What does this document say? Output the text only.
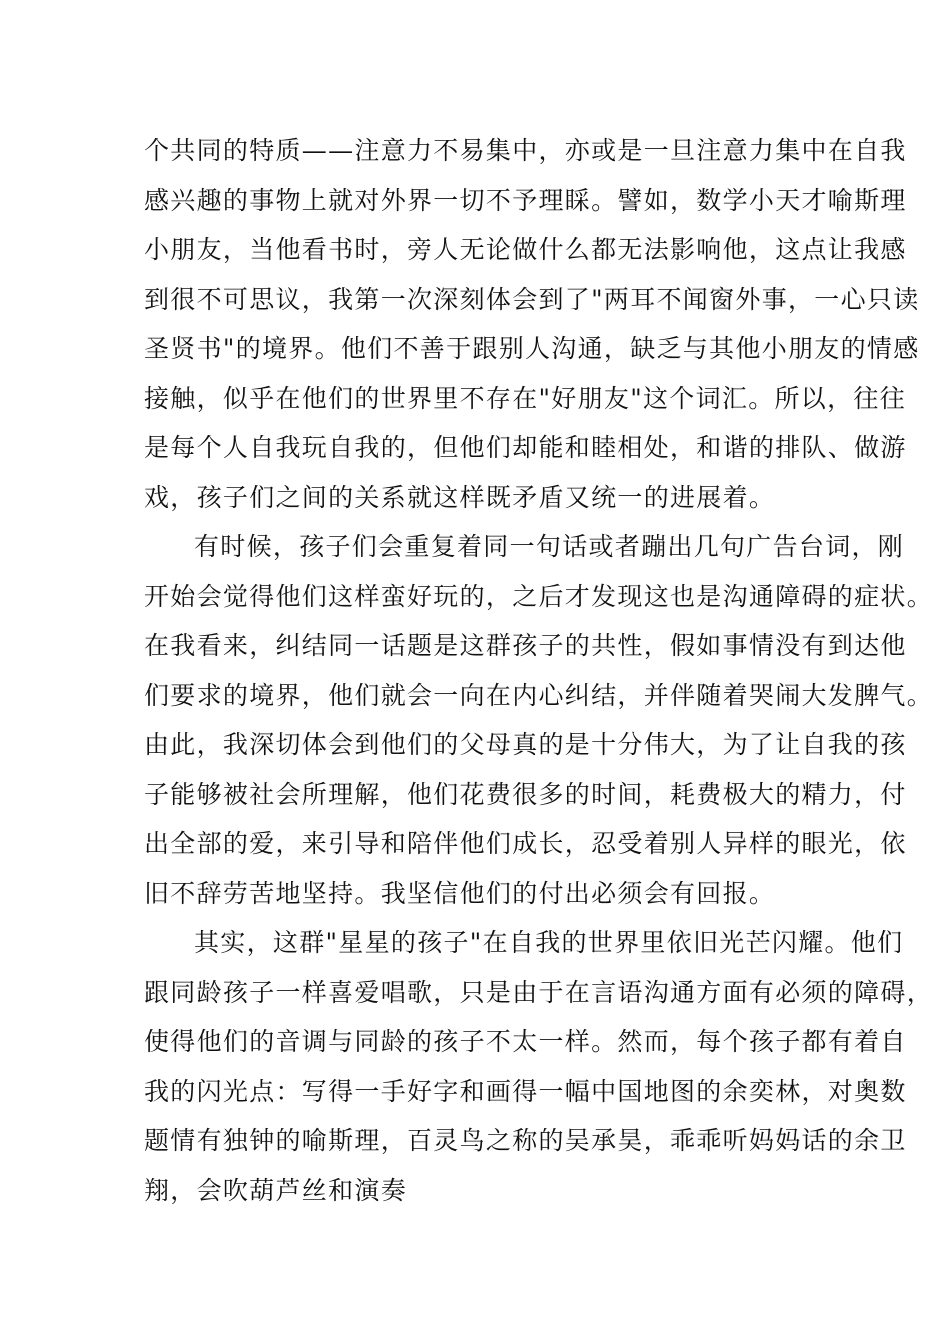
个共同的特质——注意力不易集中，亦或是一旦注意力集中在自我
感兴趣的事物上就对外界一切不予理睬。譬如，数学小天才喻斯理
小朋友，当他看书时，旁人无论做什么都无法影响他，这点让我感
到很不可思议，我第一次深刻体会到了"两耳不闻窗外事，一心只读
圣贤书"的境界。他们不善于跟别人沟通，缺乏与其他小朋友的情感
接触，似乎在他们的世界里不存在"好朋友"这个词汇。所以，往往
是每个人自我玩自我的，但他们却能和睦相处，和谐的排队、做游
戏，孩子们之间的关系就这样既矛盾又统一的进展着。
有时候，孩子们会重复着同一句话或者蹦出几句广告台词，刚
开始会觉得他们这样蛮好玩的，之后才发现这也是沟通障碍的症状。
在我看来，纠结同一话题是这群孩子的共性，假如事情没有到达他
们要求的境界，他们就会一向在内心纠结，并伴随着哭闹大发脾气。
由此，我深切体会到他们的父母真的是十分伟大，为了让自我的孩
子能够被社会所理解，他们花费很多的时间，耗费极大的精力，付
出全部的爱，来引导和陪伴他们成长，忍受着别人异样的眼光，依
旧不辞劳苦地坚持。我坚信他们的付出必须会有回报。
其实，这群"星星的孩子"在自我的世界里依旧光芒闪耀。他们
跟同龄孩子一样喜爱唱歌，只是由于在言语沟通方面有必须的障碍，
使得他们的音调与同龄的孩子不太一样。然而，每个孩子都有着自
我的闪光点：写得一手好字和画得一幅中国地图的余奕林，对奥数
题情有独钟的喻斯理，百灵鸟之称的吴承昊，乖乖听妈妈话的余卫
翔，会吹葫芦丝和演奏
